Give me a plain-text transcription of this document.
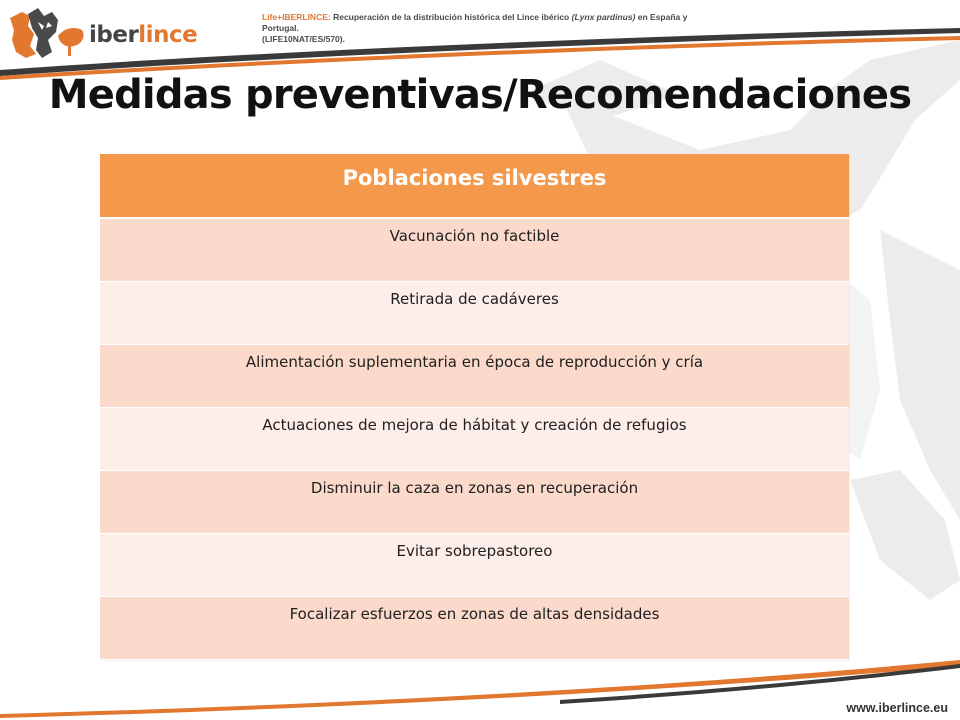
iberlince
Life+IBERLINCE: Recuperación de la distribución histórica del Lince ibérico (Lynx pardinus) en España y Portugal.
(LIFE10NAT/ES/570).
Medidas preventivas/Recomendaciones
Poblaciones silvestres
Vacunación no factible
Retirada de cadáveres
Alimentación suplementaria en época de reproducción y cría
Actuaciones de mejora de hábitat y creación de refugios
Disminuir la caza en zonas en recuperación
Evitar sobrepastoreo
Focalizar esfuerzos en zonas de altas densidades
www.iberlince.eu
